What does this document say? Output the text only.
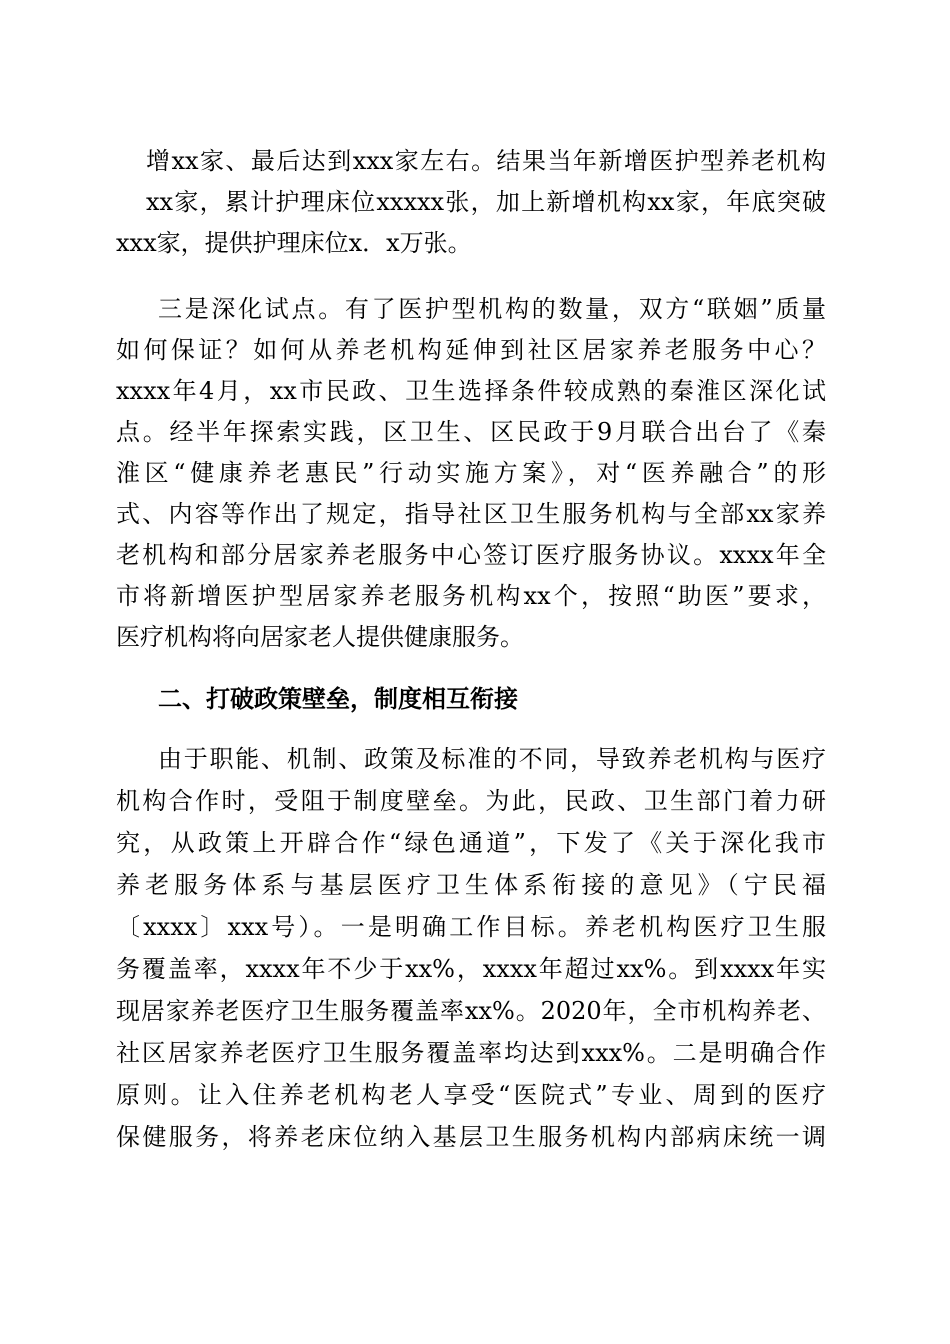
增xx家、最后达到xxx家左右。结果当年新增医护型养老机构
xx家，累计护理床位xxxxx张，加上新增机构xx家，年底突破
xxx家，提供护理床位x．x万张。
三是深化试点。有了医护型机构的数量，双方“联姻”质量
如何保证？如何从养老机构延伸到社区居家养老服务中心？
xxxx年4月，xx市民政、卫生选择条件较成熟的秦淮区深化试
点。经半年探索实践，区卫生、区民政于9月联合出台了《秦
淮区“健康养老惠民”行动实施方案》，对“医养融合”的形
式、内容等作出了规定，指导社区卫生服务机构与全部xx家养
老机构和部分居家养老服务中心签订医疗服务协议。xxxx年全
市将新增医护型居家养老服务机构xx个，按照“助医”要求，
医疗机构将向居家老人提供健康服务。
二、打破政策壁垒，制度相互衔接
由于职能、机制、政策及标准的不同，导致养老机构与医疗
机构合作时，受阻于制度壁垒。为此，民政、卫生部门着力研
究，从政策上开辟合作“绿色通道”，下发了《关于深化我市
养老服务体系与基层医疗卫生体系衔接的意见》（宁民福
〔xxxx〕xxx号）。一是明确工作目标。养老机构医疗卫生服
务覆盖率，xxxx年不少于xx%，xxxx年超过xx%。到xxxx年实
现居家养老医疗卫生服务覆盖率xx%。2020年，全市机构养老、
社区居家养老医疗卫生服务覆盖率均达到xxx%。二是明确合作
原则。让入住养老机构老人享受“医院式”专业、周到的医疗
保健服务，将养老床位纳入基层卫生服务机构内部病床统一调
